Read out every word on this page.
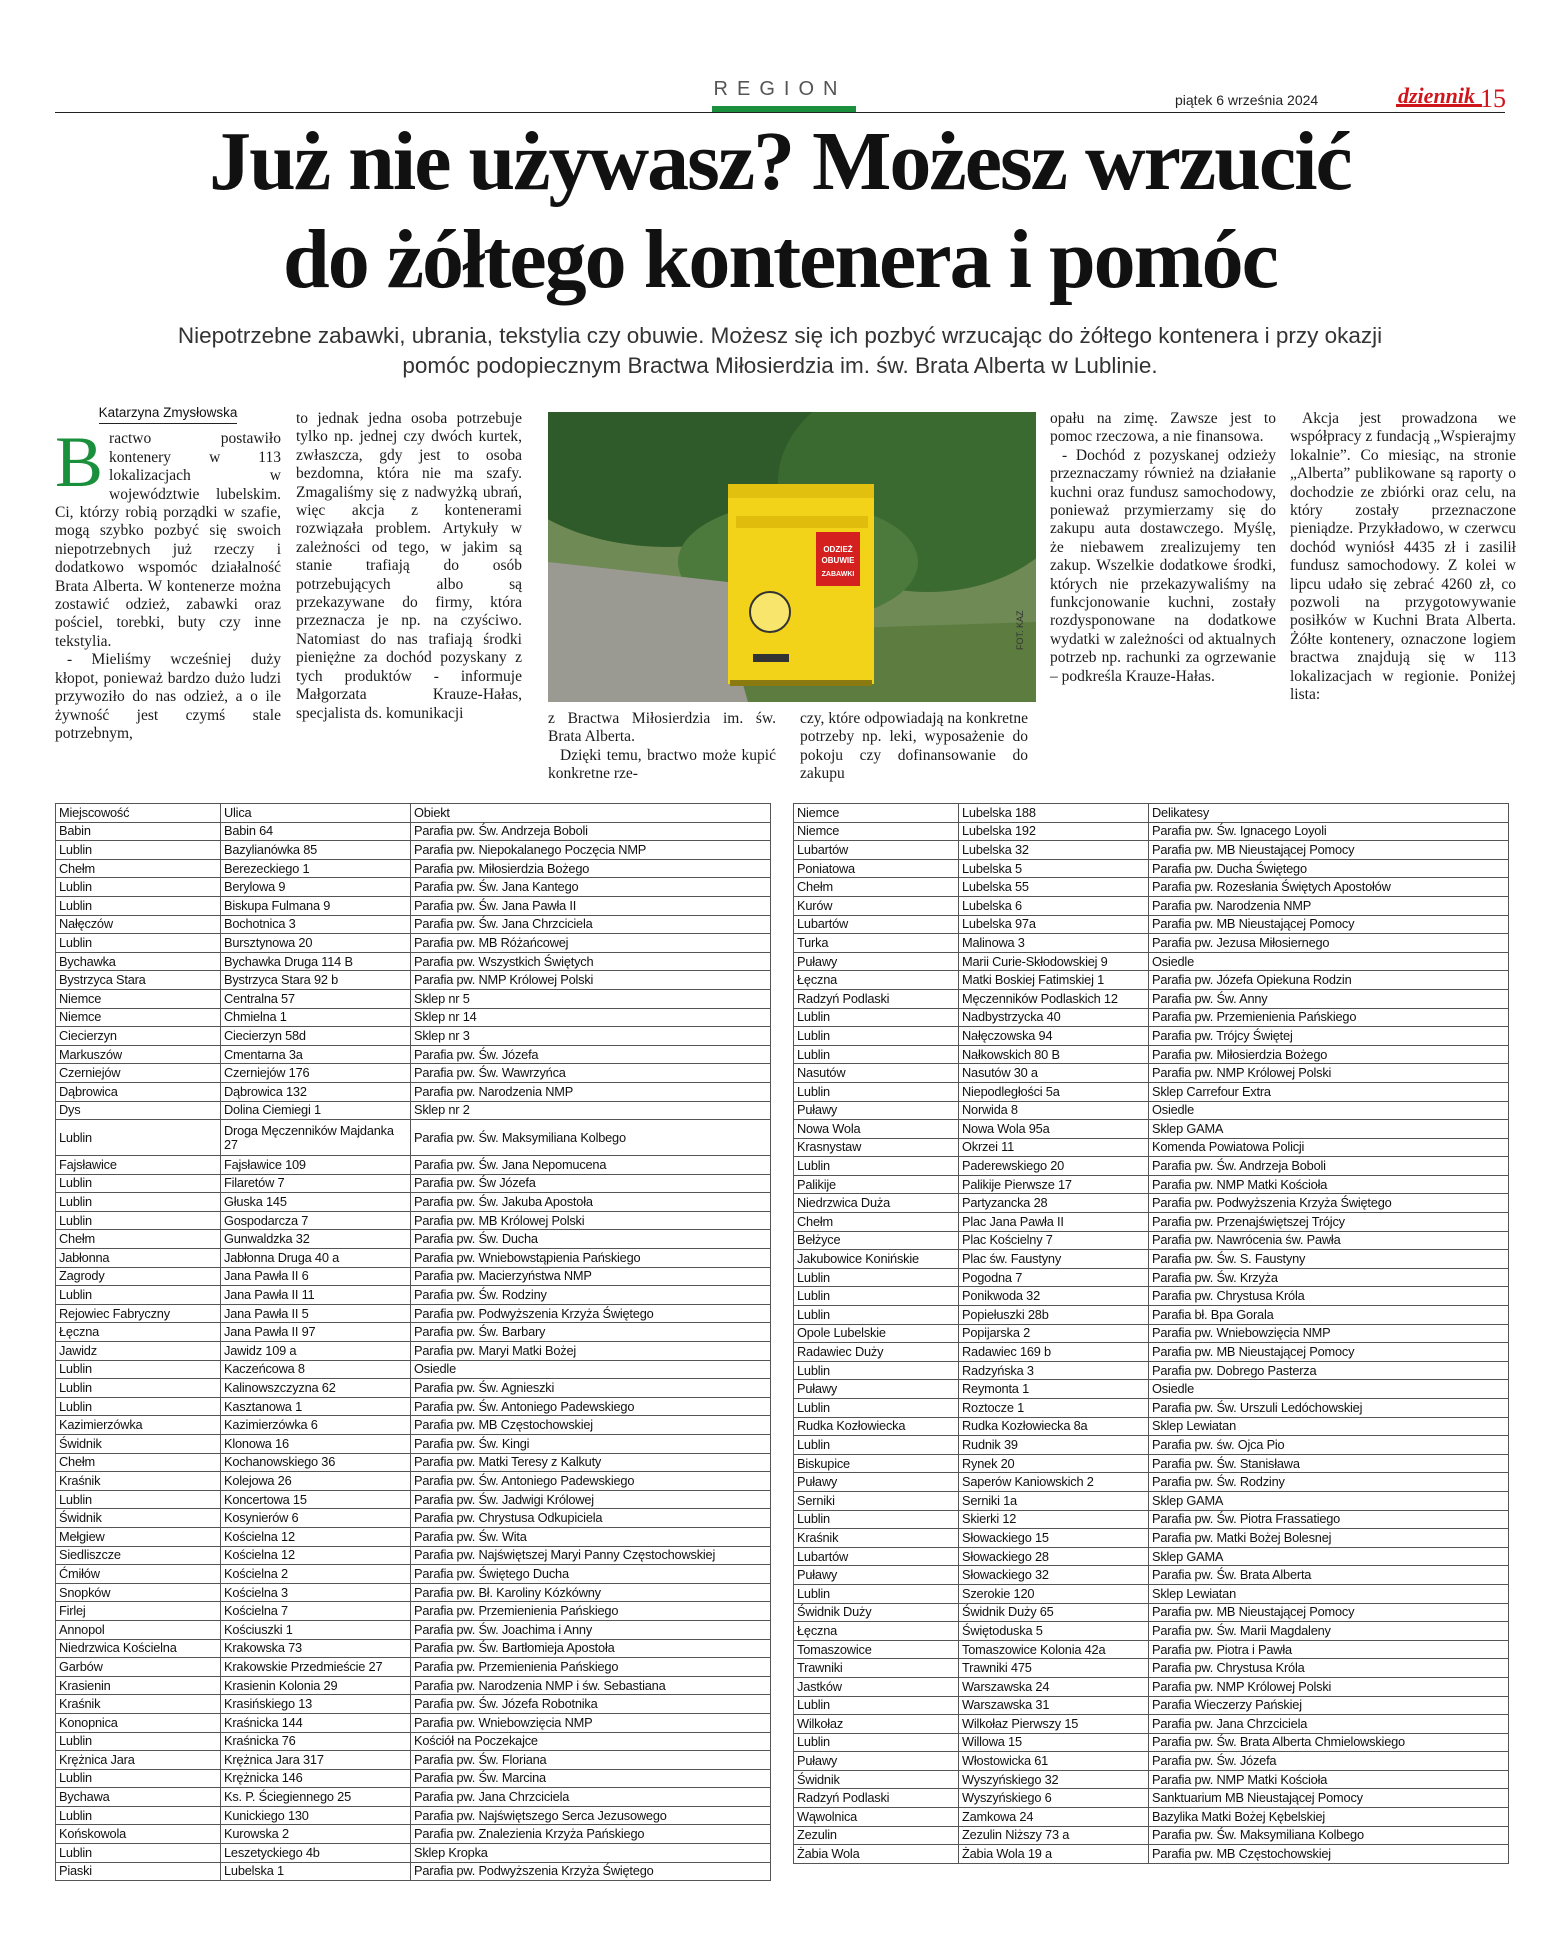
REGION	piątek 6 września 2024	dziennik 15
Już nie używasz? Możesz wrzucić
do żółtego kontenera i pomóc
Niepotrzebne zabawki, ubrania, tekstylia czy obuwie. Możesz się ich pozbyć wrzucając do żółtego kontenera i przy okazji
pomóc podopiecznym Bractwa Miłosierdzia im. św. Brata Alberta w Lublinie.
Katarzyna Zmysłowska

Bractwo postawiło kontenery w 113 lokalizacjach w województwie lubelskim. Ci, którzy robią porządki w szafie, mogą szybko pozbyć się swoich niepotrzebnych już rzeczy i dodatkowo wspomóc działalność Brata Alberta. W kontenerze można zostawić odzież, zabawki oraz pościel, torebki, buty czy inne tekstylia.

- Mieliśmy wcześniej duży kłopot, ponieważ bardzo dużo ludzi przywoziło do nas odzież, a o ile żywność jest czymś stale potrzebnym,

to jednak jedna osoba potrzebuje tylko np. jednej czy dwóch kurtek, zwłaszcza, gdy jest to osoba bezdomna, która nie ma szafy. Zmagaliśmy się z nadwyżką ubrań, więc akcja z kontenerami rozwiązała problem. Artykuły w zależności od tego, w jakim są stanie trafiają do osób potrzebujących albo są przekazywane do firmy, która przeznacza je np. na czyściwo. Natomiast do nas trafiają środki pieniężne za dochód pozyskany z tych produktów - informuje Małgorzata Krauze-Hałas, specjalista ds. komunikacji

ODZIEŻ
OBUWIE
ZABAWKI
FOT. KAZ

z Bractwa Miłosierdzia im. św. Brata Alberta.

Dzięki temu, bractwo może kupić konkretne rze-

czy, które odpowiadają na konkretne potrzeby np. leki, wyposażenie do pokoju czy dofinansowanie do zakupu

opału na zimę. Zawsze jest to pomoc rzeczowa, a nie finansowa.

- Dochód z pozyskanej odzieży przeznaczamy również na działanie kuchni oraz fundusz samochodowy, ponieważ przymierzamy się do zakupu auta dostawczego. Myślę, że niebawem zrealizujemy ten zakup. Wszelkie dodatkowe środki, których nie przekazywaliśmy na funkcjonowanie kuchni, zostały rozdysponowane na dodatkowe wydatki w zależności od aktualnych potrzeb np. rachunki za ogrzewanie – podkreśla Krauze-Hałas.

Akcja jest prowadzona we współpracy z fundacją „Wspierajmy lokalnie”. Co miesiąc, na stronie „Alberta” publikowane są raporty o dochodzie ze zbiórki oraz celu, na który zostały przeznaczone pieniądze. Przykładowo, w czerwcu dochód wyniósł 4435 zł i zasilił fundusz samochodowy. Z kolei w lipcu udało się zebrać 4260 zł, co pozwoli na przygotowywanie posiłków w Kuchni Brata Alberta. Żółte kontenery, oznaczone logiem bractwa znajdują się w 113 lokalizacjach w regionie. Poniżej lista:

Miejscowość	Ulica	Obiekt
Babin	Babin 64	Parafia pw. Św. Andrzeja Boboli
Lublin	Bazylianówka 85	Parafia pw. Niepokalanego Poczęcia NMP
Chełm	Berezeckiego 1	Parafia pw. Miłosierdzia Bożego
Lublin	Berylowa 9	Parafia pw. Św. Jana Kantego
Lublin	Biskupa Fulmana 9	Parafia pw. Św. Jana Pawła II
Nałęczów	Bochotnica 3	Parafia pw. Św. Jana Chrzciciela
Lublin	Bursztynowa 20	Parafia pw. MB Różańcowej
Bychawka	Bychawka Druga 114 B	Parafia pw. Wszystkich Świętych
Bystrzyca Stara	Bystrzyca Stara 92 b	Parafia pw. NMP Królowej Polski
Niemce	Centralna 57	Sklep nr 5
Niemce	Chmielna 1	Sklep nr 14
Ciecierzyn	Ciecierzyn 58d	Sklep nr 3
Markuszów	Cmentarna 3a	Parafia pw. Św. Józefa
Czerniejów	Czerniejów 176	Parafia pw. Św. Wawrzyńca
Dąbrowica	Dąbrowica 132	Parafia pw. Narodzenia NMP
Dys	Dolina Ciemiegi 1	Sklep nr 2
Lublin	Droga Męczenników Majdanka 27	Parafia pw. Św. Maksymiliana Kolbego
Fajsławice	Fajsławice 109	Parafia pw. Św. Jana Nepomucena
Lublin	Filaretów 7	Parafia pw. Św Józefa
Lublin	Głuska 145	Parafia pw. Św. Jakuba Apostoła
Lublin	Gospodarcza 7	Parafia pw. MB Królowej Polski
Chełm	Gunwaldzka 32	Parafia pw. Św. Ducha
Jabłonna	Jabłonna Druga 40 a	Parafia pw. Wniebowstąpienia Pańskiego
Zagrody	Jana Pawła II 6	Parafia pw. Macierzyństwa NMP
Lublin	Jana Pawła II 11	Parafia pw. Św. Rodziny
Rejowiec Fabryczny	Jana Pawła II 5	Parafia pw. Podwyższenia Krzyża Świętego
Łęczna	Jana Pawła II 97	Parafia pw. Św. Barbary
Jawidz	Jawidz 109 a	Parafia pw. Maryi Matki Bożej
Lublin	Kaczeńcowa 8	Osiedle
Lublin	Kalinowszczyzna 62	Parafia pw. Św. Agnieszki
Lublin	Kasztanowa 1	Parafia pw. Św. Antoniego Padewskiego
Kazimierzówka	Kazimierzówka 6	Parafia pw. MB Częstochowskiej
Świdnik	Klonowa 16	Parafia pw. Św. Kingi
Chełm	Kochanowskiego 36	Parafia pw. Matki Teresy z Kalkuty
Kraśnik	Kolejowa 26	Parafia pw. Św. Antoniego Padewskiego
Lublin	Koncertowa 15	Parafia pw. Św. Jadwigi Królowej
Świdnik	Kosynierów 6	Parafia pw. Chrystusa Odkupiciela
Mełgiew	Kościelna 12	Parafia pw. Św. Wita
Siedliszcze	Kościelna 12	Parafia pw. Najświętszej Maryi Panny Częstochowskiej
Ćmiłów	Kościelna 2	Parafia pw. Świętego Ducha
Snopków	Kościelna 3	Parafia pw. Bł. Karoliny Kózkówny
Firlej	Kościelna 7	Parafia pw. Przemienienia Pańskiego
Annopol	Kościuszki 1	Parafia pw. Św. Joachima i Anny
Niedrzwica Kościelna	Krakowska 73	Parafia pw. Św. Bartłomieja Apostoła
Garbów	Krakowskie Przedmieście 27	Parafia pw. Przemienienia Pańskiego
Krasienin	Krasienin Kolonia 29	Parafia pw. Narodzenia NMP i św. Sebastiana
Kraśnik	Krasińskiego 13	Parafia pw. Św. Józefa Robotnika
Konopnica	Kraśnicka 144	Parafia pw. Wniebowzięcia NMP
Lublin	Kraśnicka 76	Kościół na Poczekajce
Krężnica Jara	Krężnica Jara 317	Parafia pw. Św. Floriana
Lublin	Krężnicka 146	Parafia pw. Św. Marcina
Bychawa	Ks. P. Ściegiennego 25	Parafia pw. Jana Chrzciciela
Lublin	Kunickiego 130	Parafia pw. Najświętszego Serca Jezusowego
Końskowola	Kurowska 2	Parafia pw. Znalezienia Krzyża Pańskiego
Lublin	Leszetyckiego 4b	Sklep Kropka
Piaski	Lubelska 1	Parafia pw. Podwyższenia Krzyża Świętego
Niemce	Lubelska 188	Delikatesy
Niemce	Lubelska 192	Parafia pw. Św. Ignacego Loyoli
Lubartów	Lubelska 32	Parafia pw. MB Nieustającej Pomocy
Poniatowa	Lubelska 5	Parafia pw. Ducha Świętego
Chełm	Lubelska 55	Parafia pw. Rozesłania Świętych Apostołów
Kurów	Lubelska 6	Parafia pw. Narodzenia NMP
Lubartów	Lubelska 97a	Parafia pw. MB Nieustającej Pomocy
Turka	Malinowa 3	Parafia pw. Jezusa Miłosiernego
Puławy	Marii Curie-Skłodowskiej 9	Osiedle
Łęczna	Matki Boskiej Fatimskiej 1	Parafia pw. Józefa Opiekuna Rodzin
Radzyń Podlaski	Męczenników Podlaskich 12	Parafia pw. Św. Anny
Lublin	Nadbystrzycka 40	Parafia pw. Przemienienia Pańskiego
Lublin	Nałęczowska 94	Parafia pw. Trójcy Świętej
Lublin	Nałkowskich 80 B	Parafia pw. Miłosierdzia Bożego
Nasutów	Nasutów 30 a	Parafia pw. NMP Królowej Polski
Lublin	Niepodległości 5a	Sklep Carrefour Extra
Puławy	Norwida 8	Osiedle
Nowa Wola	Nowa Wola 95a	Sklep GAMA
Krasnystaw	Okrzei 11	Komenda Powiatowa Policji
Lublin	Paderewskiego 20	Parafia pw. Św. Andrzeja Boboli
Palikije	Palikije Pierwsze 17	Parafia pw. NMP Matki Kościoła
Niedrzwica Duża	Partyzancka 28	Parafia pw. Podwyższenia Krzyża Świętego
Chełm	Plac Jana Pawła II	Parafia pw. Przenajświętszej Trójcy
Bełżyce	Plac Kościelny 7	Parafia pw. Nawrócenia św. Pawła
Jakubowice Konińskie	Plac św. Faustyny	Parafia pw. Św. S. Faustyny
Lublin	Pogodna 7	Parafia pw. Św. Krzyża
Lublin	Ponikwoda 32	Parafia pw. Chrystusa Króla
Lublin	Popiełuszki 28b	Parafia bł. Bpa Gorala
Opole Lubelskie	Popijarska 2	Parafia pw. Wniebowzięcia NMP
Radawiec Duży	Radawiec 169 b	Parafia pw. MB Nieustającej Pomocy
Lublin	Radzyńska 3	Parafia pw. Dobrego Pasterza
Puławy	Reymonta 1	Osiedle
Lublin	Roztocze 1	Parafia pw. Św. Urszuli Ledóchowskiej
Rudka Kozłowiecka	Rudka Kozłowiecka 8a	Sklep Lewiatan
Lublin	Rudnik 39	Parafia pw. św. Ojca Pio
Biskupice	Rynek 20	Parafia pw. Św. Stanisława
Puławy	Saperów Kaniowskich 2	Parafia pw. Św. Rodziny
Serniki	Serniki 1a	Sklep GAMA
Lublin	Skierki 12	Parafia pw. Św. Piotra Frassatiego
Kraśnik	Słowackiego 15	Parafia pw. Matki Bożej Bolesnej
Lubartów	Słowackiego 28	Sklep GAMA
Puławy	Słowackiego 32	Parafia pw. Św. Brata Alberta
Lublin	Szerokie 120	Sklep Lewiatan
Świdnik Duży	Świdnik Duży 65	Parafia pw. MB Nieustającej Pomocy
Łęczna	Świętoduska 5	Parafia pw. Św. Marii Magdaleny
Tomaszowice	Tomaszowice Kolonia 42a	Parafia pw. Piotra i Pawła
Trawniki	Trawniki 475	Parafia pw. Chrystusa Króla
Jastków	Warszawska 24	Parafia pw. NMP Królowej Polski
Lublin	Warszawska 31	Parafia Wieczerzy Pańskiej
Wilkołaz	Wilkołaz Pierwszy 15	Parafia pw. Jana Chrzciciela
Lublin	Willowa 15	Parafia pw. Św. Brata Alberta Chmielowskiego
Puławy	Włostowicka 61	Parafia pw. Św. Józefa
Świdnik	Wyszyńskiego 32	Parafia pw. NMP Matki Kościoła
Radzyń Podlaski	Wyszyńskiego 6	Sanktuarium MB Nieustającej Pomocy
Wąwolnica	Zamkowa 24	Bazylika Matki Bożej Kębelskiej
Zezulin	Zezulin Niższy 73 a	Parafia pw. Św. Maksymiliana Kolbego
Żabia Wola	Żabia Wola 19 a	Parafia pw. MB Częstochowskiej
